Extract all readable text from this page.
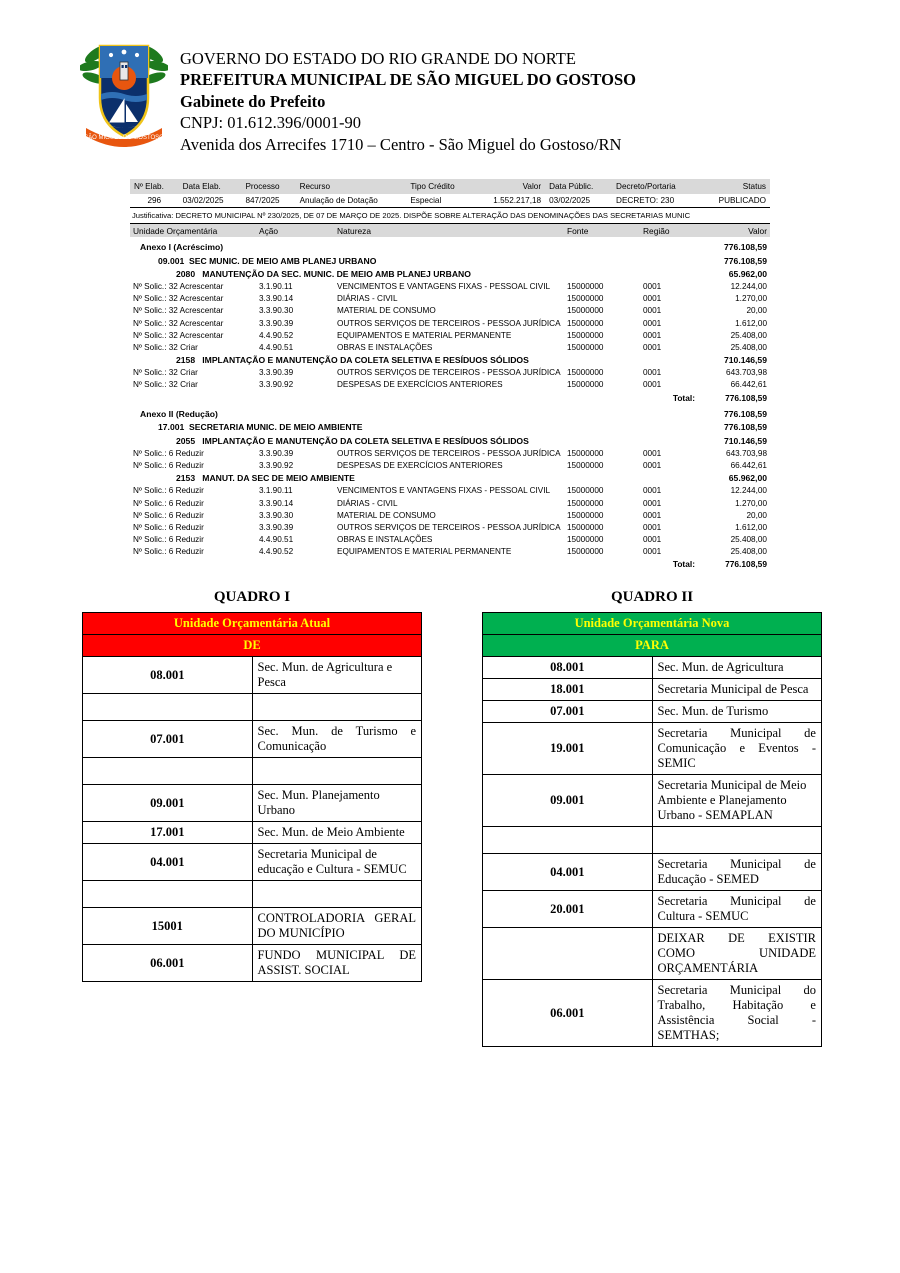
SÃO MIGUEL DO GOSTOSO
GOVERNO DO ESTADO DO RIO GRANDE DO NORTE
PREFEITURA MUNICIPAL DE SÃO MIGUEL DO GOSTOSO
Gabinete do Prefeito
CNPJ: 01.612.396/0001-90
Avenida dos Arrecifes 1710 – Centro - São Miguel do Gostoso/RN
Nº Elab.	Data Elab.	Processo	Recurso	Tipo Crédito	Valor	Data Públic.	Decreto/Portaria	Status
296	03/02/2025	847/2025	Anulação de Dotação	Especial	1.552.217,18	03/02/2025	DECRETO: 230	PUBLICADO
Justificativa: DECRETO MUNICIPAL Nº 230/2025, DE 07 DE MARÇO DE 2025. DISPÕE SOBRE ALTERAÇÃO DAS DENOMINAÇÕES DAS SECRETARIAS MUNIC								
Unidade Orçamentária	Ação	Natureza	Fonte	Região	Valor
Anexo I (Acréscimo)					776.108,59
09.001  SEC MUNIC. DE MEIO AMB PLANEJ URBANO					776.108,59
2080   MANUTENÇÃO DA SEC. MUNIC. DE MEIO AMB PLANEJ URBANO					65.962,00
Nº Solic.: 32 Acrescentar	3.1.90.11	VENCIMENTOS E VANTAGENS FIXAS - PESSOAL CIVIL	15000000	0001	12.244,00
Nº Solic.: 32 Acrescentar	3.3.90.14	DIÁRIAS - CIVIL	15000000	0001	1.270,00
Nº Solic.: 32 Acrescentar	3.3.90.30	MATERIAL DE CONSUMO	15000000	0001	20,00
Nº Solic.: 32 Acrescentar	3.3.90.39	OUTROS SERVIÇOS DE TERCEIROS - PESSOA JURÍDICA	15000000	0001	1.612,00
Nº Solic.: 32 Acrescentar	4.4.90.52	EQUIPAMENTOS E MATERIAL PERMANENTE	15000000	0001	25.408,00
Nº Solic.: 32 Criar	4.4.90.51	OBRAS E INSTALAÇÕES	15000000	0001	25.408,00
2158   IMPLANTAÇÃO E MANUTENÇÃO DA COLETA SELETIVA E RESÍDUOS SÓLIDOS					710.146,59
Nº Solic.: 32 Criar	3.3.90.39	OUTROS SERVIÇOS DE TERCEIROS - PESSOA JURÍDICA	15000000	0001	643.703,98
Nº Solic.: 32 Criar	3.3.90.92	DESPESAS DE EXERCÍCIOS ANTERIORES	15000000	0001	66.442,61
				Total:	776.108,59
Anexo II (Redução)					776.108,59
17.001  SECRETARIA MUNIC. DE MEIO AMBIENTE					776.108,59
2055   IMPLANTAÇÃO E MANUTENÇÃO DA COLETA SELETIVA E RESÍDUOS SÓLIDOS					710.146,59
Nº Solic.: 6 Reduzir	3.3.90.39	OUTROS SERVIÇOS DE TERCEIROS - PESSOA JURÍDICA	15000000	0001	643.703,98
Nº Solic.: 6 Reduzir	3.3.90.92	DESPESAS DE EXERCÍCIOS ANTERIORES	15000000	0001	66.442,61
2153   MANUT. DA SEC DE MEIO AMBIENTE					65.962,00
Nº Solic.: 6 Reduzir	3.1.90.11	VENCIMENTOS E VANTAGENS FIXAS - PESSOAL CIVIL	15000000	0001	12.244,00
Nº Solic.: 6 Reduzir	3.3.90.14	DIÁRIAS - CIVIL	15000000	0001	1.270,00
Nº Solic.: 6 Reduzir	3.3.90.30	MATERIAL DE CONSUMO	15000000	0001	20,00
Nº Solic.: 6 Reduzir	3.3.90.39	OUTROS SERVIÇOS DE TERCEIROS - PESSOA JURÍDICA	15000000	0001	1.612,00
Nº Solic.: 6 Reduzir	4.4.90.51	OBRAS E INSTALAÇÕES	15000000	0001	25.408,00
Nº Solic.: 6 Reduzir	4.4.90.52	EQUIPAMENTOS E MATERIAL PERMANENTE	15000000	0001	25.408,00
				Total:	776.108,59
QUADRO I
Unidade Orçamentária Atual	
DE	
08.001	Sec. Mun. de Agricultura e Pesca

07.001	Sec. Mun. de Turismo e Comunicação

09.001	Sec. Mun. Planejamento Urbano
17.001	Sec. Mun. de Meio Ambiente
04.001	Secretaria Municipal de educação e Cultura - SEMUC

15001	CONTROLADORIA GERAL DO MUNICÍPIO
06.001	FUNDO MUNICIPAL DE ASSIST. SOCIAL
QUADRO II
Unidade Orçamentária Nova	
PARA	
08.001	Sec. Mun. de Agricultura
18.001	Secretaria Municipal de Pesca
07.001	Sec. Mun. de Turismo
19.001	Secretaria Municipal de Comunicação e Eventos - SEMIC
09.001	Secretaria Municipal de Meio Ambiente e Planejamento Urbano - SEMAPLAN

04.001	Secretaria Municipal de Educação - SEMED
20.001	Secretaria Municipal de Cultura - SEMUC
	DEIXAR DE EXISTIR COMO UNIDADE ORÇAMENTÁRIA
06.001	Secretaria Municipal do Trabalho, Habitação e Assistência Social - SEMTHAS;
